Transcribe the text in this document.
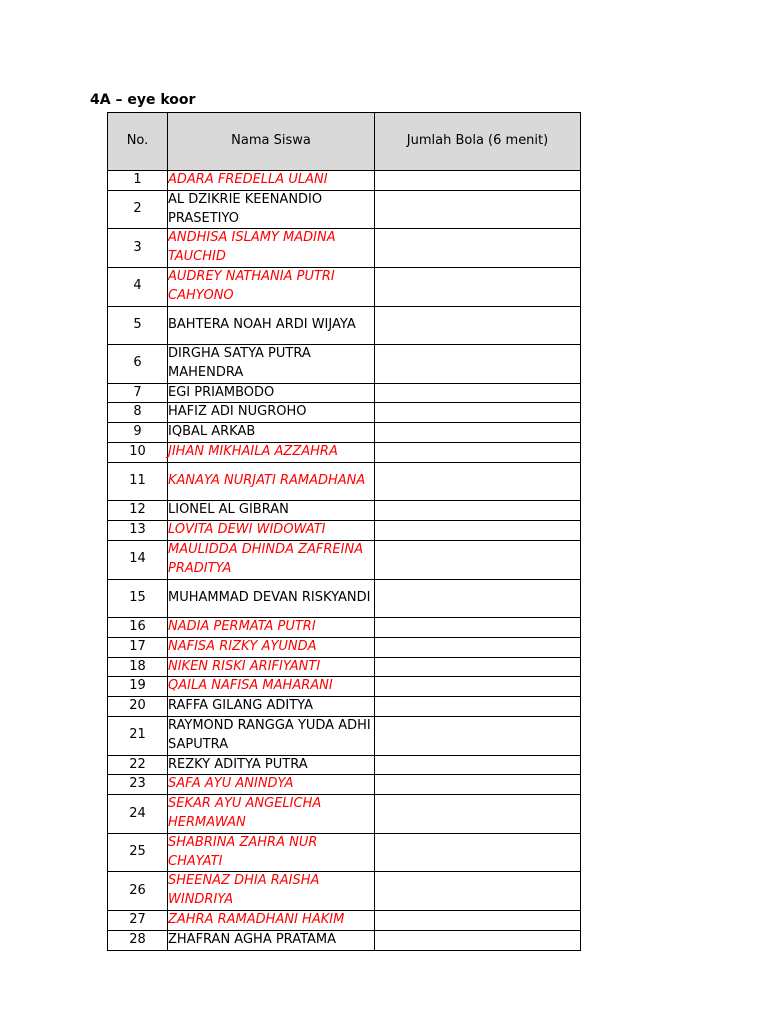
4A – eye koor
No.	Nama Siswa	Jumlah Bola (6 menit)
1	ADARA FREDELLA ULANI	
2	AL DZIKRIE KEENANDIO PRASETIYO	
3	ANDHISA ISLAMY MADINA TAUCHID	
4	AUDREY NATHANIA PUTRI CAHYONO	
5	BAHTERA NOAH ARDI WIJAYA	
6	DIRGHA SATYA PUTRA MAHENDRA	
7	EGI PRIAMBODO	
8	HAFIZ ADI NUGROHO	
9	IQBAL ARKAB	
10	JIHAN MIKHAILA AZZAHRA	
11	KANAYA NURJATI RAMADHANA	
12	LIONEL AL GIBRAN	
13	LOVITA DEWI WIDOWATI	
14	MAULIDDA DHINDA ZAFREINA PRADITYA	
15	MUHAMMAD DEVAN RISKYANDI	
16	NADIA PERMATA PUTRI	
17	NAFISA RIZKY AYUNDA	
18	NIKEN RISKI ARIFIYANTI	
19	QAILA NAFISA MAHARANI	
20	RAFFA GILANG ADITYA	
21	RAYMOND RANGGA YUDA ADHI SAPUTRA	
22	REZKY ADITYA PUTRA	
23	SAFA AYU ANINDYA	
24	SEKAR AYU ANGELICHA HERMAWAN	
25	SHABRINA ZAHRA NUR CHAYATI	
26	SHEENAZ DHIA RAISHA WINDRIYA	
27	ZAHRA RAMADHANI HAKIM	
28	ZHAFRAN AGHA PRATAMA	
